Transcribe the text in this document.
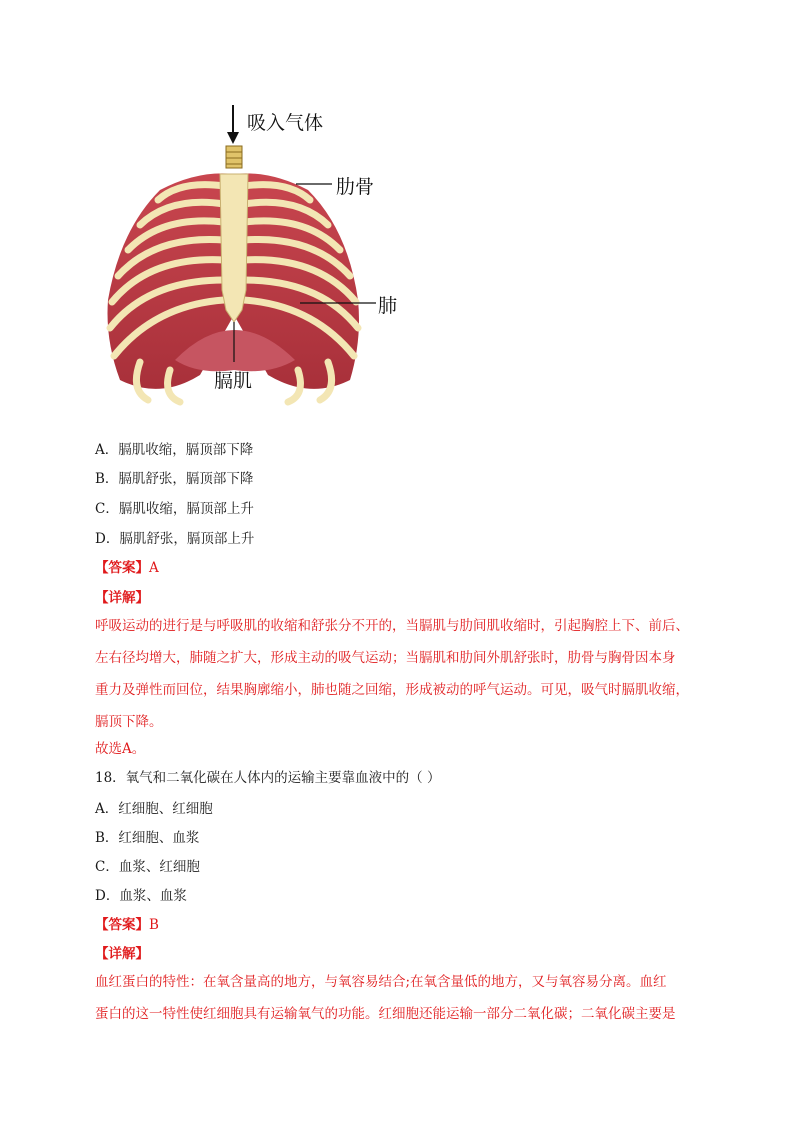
吸入气体
肋骨
肺
膈肌
A．膈肌收缩，膈顶部下降
B．膈肌舒张，膈顶部下降
C．膈肌收缩，膈顶部上升
D．膈肌舒张，膈顶部上升
【答案】A
【详解】
呼吸运动的进行是与呼吸肌的收缩和舒张分不开的，当膈肌与肋间肌收缩时，引起胸腔上下、前后、
左右径均增大，肺随之扩大，形成主动的吸气运动；当膈肌和肋间外肌舒张时，肋骨与胸骨因本身
重力及弹性而回位，结果胸廓缩小，肺也随之回缩，形成被动的呼气运动。可见，吸气时膈肌收缩，
膈顶下降。
故选A。
18．氧气和二氧化碳在人体内的运输主要靠血液中的（ ）
A．红细胞、红细胞
B．红细胞、血浆
C．血浆、红细胞
D．血浆、血浆
【答案】B
【详解】
血红蛋白的特性：在氧含量高的地方，与氧容易结合;在氧含量低的地方，又与氧容易分离。血红
蛋白的这一特性使红细胞具有运输氧气的功能。红细胞还能运输一部分二氧化碳；二氧化碳主要是
